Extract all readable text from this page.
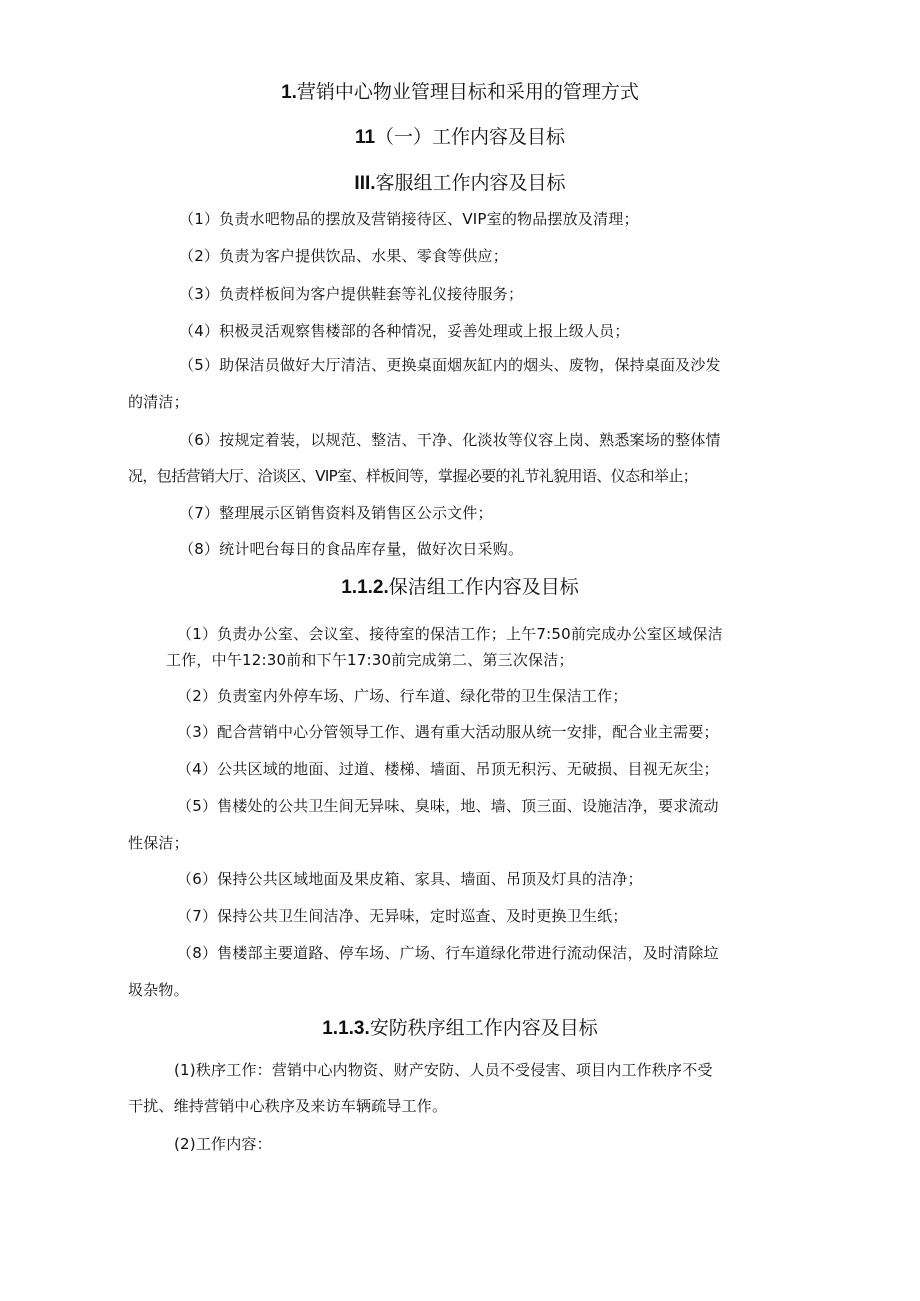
1.营销中心物业管理目标和采用的管理方式
11（一）工作内容及目标
III.客服组工作内容及目标
（1）负责水吧物品的摆放及营销接待区、VIP室的物品摆放及清理；
（2）负责为客户提供饮品、水果、零食等供应；
（3）负责样板间为客户提供鞋套等礼仪接待服务；
（4）积极灵活观察售楼部的各种情况，妥善处理或上报上级人员；
（5）助保洁员做好大厅清洁、更换桌面烟灰缸内的烟头、废物，保持桌面及沙发
的清洁；
（6）按规定着装，以规范、整洁、干净、化淡妆等仪容上岗、熟悉案场的整体情
况，包括营销大厅、洽谈区、VIP室、样板间等，掌握必要的礼节礼貌用语、仪态和举止；
（7）整理展示区销售资料及销售区公示文件；
（8）统计吧台每日的食品库存量，做好次日采购。
1.1.2.保洁组工作内容及目标
（1）负责办公室、会议室、接待室的保洁工作；上午7:50前完成办公室区域保洁
工作，中午12:30前和下午17:30前完成第二、第三次保洁；
（2）负责室内外停车场、广场、行车道、绿化带的卫生保洁工作；
（3）配合营销中心分管领导工作、遇有重大活动服从统一安排，配合业主需要；
（4）公共区域的地面、过道、楼梯、墙面、吊顶无积污、无破损、目视无灰尘；
（5）售楼处的公共卫生间无异味、臭味，地、墙、顶三面、设施洁净，要求流动
性保洁；
（6）保持公共区域地面及果皮箱、家具、墙面、吊顶及灯具的洁净；
（7）保持公共卫生间洁净、无异味，定时巡查、及时更换卫生纸；
（8）售楼部主要道路、停车场、广场、行车道绿化带进行流动保洁，及时清除垃
圾杂物。
1.1.3.安防秩序组工作内容及目标
(1)秩序工作：营销中心内物资、财产安防、人员不受侵害、项目内工作秩序不受
干扰、维持营销中心秩序及来访车辆疏导工作。
(2)工作内容：
